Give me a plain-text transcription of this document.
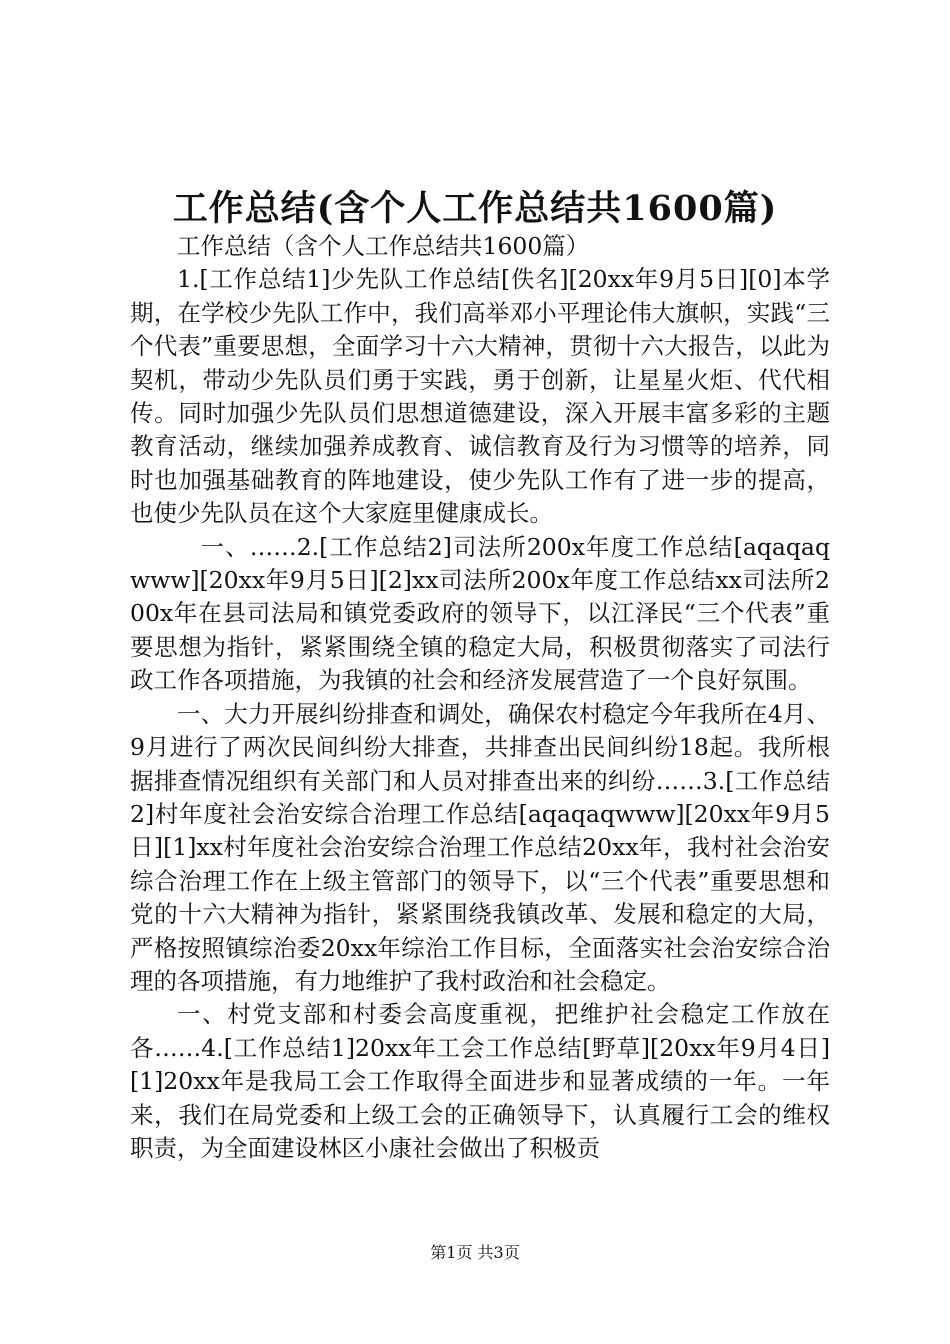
工作总结(含个人工作总结共1600篇)

工作总结（含个人工作总结共1600篇）

1.[工作总结1]少先队工作总结[佚名][20xx年9月5日][0]本学期，在学校少先队工作中，我们高举邓小平理论伟大旗帜，实践“三个代表”重要思想，全面学习十六大精神，贯彻十六大报告，以此为契机，带动少先队员们勇于实践，勇于创新，让星星火炬、代代相传。同时加强少先队员们思想道德建设，深入开展丰富多彩的主题教育活动，继续加强养成教育、诚信教育及行为习惯等的培养，同时也加强基础教育的阵地建设，使少先队工作有了进一步的提高，也使少先队员在这个大家庭里健康成长。

一、……2.[工作总结2]司法所200x年度工作总结[aqaqaqwww][20xx年9月5日][2]xx司法所200x年度工作总结xx司法所200x年在县司法局和镇党委政府的领导下，以江泽民“三个代表”重要思想为指针，紧紧围绕全镇的稳定大局，积极贯彻落实了司法行政工作各项措施，为我镇的社会和经济发展营造了一个良好氛围。

一、大力开展纠纷排查和调处，确保农村稳定今年我所在4月、9月进行了两次民间纠纷大排查，共排查出民间纠纷18起。我所根据排查情况组织有关部门和人员对排查出来的纠纷……3.[工作总结2]村年度社会治安综合治理工作总结[aqaqaqwww][20xx年9月5日][1]xx村年度社会治安综合治理工作总结20xx年，我村社会治安综合治理工作在上级主管部门的领导下，以“三个代表”重要思想和党的十六大精神为指针，紧紧围绕我镇改革、发展和稳定的大局，严格按照镇综治委20xx年综治工作目标，全面落实社会治安综合治理的各项措施，有力地维护了我村政治和社会稳定。

一、村党支部和村委会高度重视，把维护社会稳定工作放在各……4.[工作总结1]20xx年工会工作总结[野草][20xx年9月4日][1]20xx年是我局工会工作取得全面进步和显著成绩的一年。一年来，我们在局党委和上级工会的正确领导下，认真履行工会的维权职责，为全面建设林区小康社会做出了积极贡

第1页 共3页
